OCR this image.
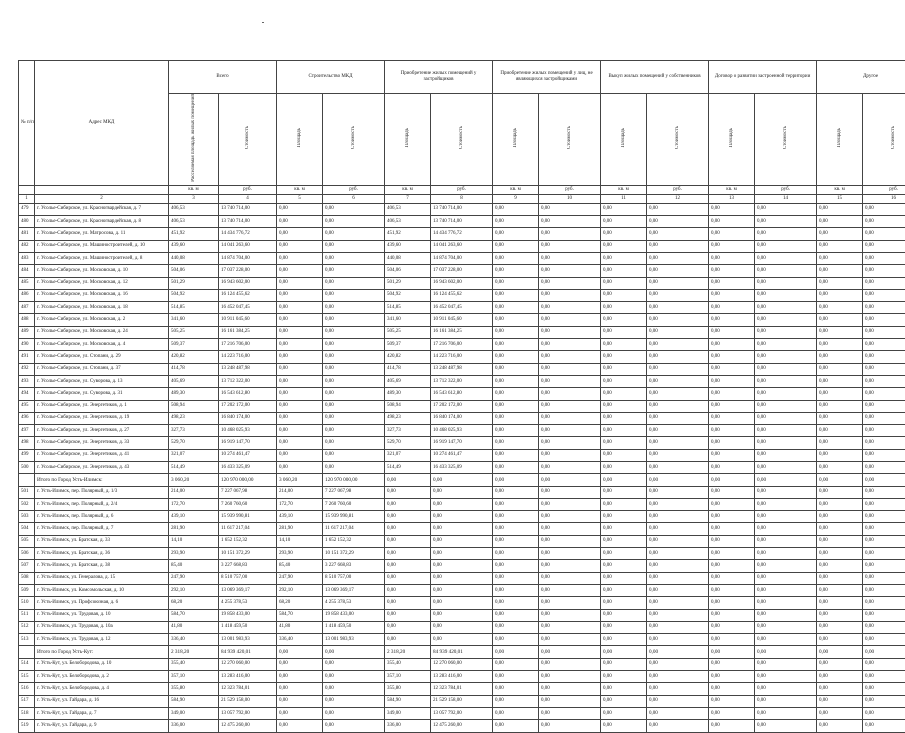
№ п/п	Адрес МКД	Всего		Строительство МКД		Приобретение жилых помещений у застройщиков		Приобретение жилых помещений у лиц, не являющихся застройщиками		Выкуп жилых помещений у собственников		Договор о развитии застроенной территории		Другое	
		Расселяемая площадь жилых помещений	Стоимость	Площадь	Стоимость	Площадь	Стоимость	Площадь	Стоимость	Площадь	Стоимость	Площадь	Стоимость	Площадь	Стоимость
		кв. м	руб.	кв. м	руб.	кв. м	руб.	кв. м	руб.	кв. м	руб.	кв. м	руб.	кв. м	руб.
1	2	3	4	5	6	7	8	9	10	11	12	13	14	15	16
479	г. Усолье-Сибирское, ул. Красногвардейская, д. 7	406,53	13 740 714,00	0,00	0,00	406,53	13 740 714,00	0,00	0,00	0,00	0,00	0,00	0,00	0,00	0,00
480	г. Усолье-Сибирское, ул. Красногвардейская, д. 8	406,53	13 740 714,00	0,00	0,00	406,53	13 740 714,00	0,00	0,00	0,00	0,00	0,00	0,00	0,00	0,00
481	г. Усолье-Сибирское, ул. Матросова, д. 11	451,92	14 434 776,72	0,00	0,00	451,92	14 434 776,72	0,00	0,00	0,00	0,00	0,00	0,00	0,00	0,00
482	г. Усолье-Сибирское, ул. Машиностроителей, д. 10	439,60	14 041 263,60	0,00	0,00	439,60	14 041 263,60	0,00	0,00	0,00	0,00	0,00	0,00	0,00	0,00
483	г. Усолье-Сибирское, ул. Машиностроителей, д. 8	440,08	14 874 704,00	0,00	0,00	440,08	14 874 704,00	0,00	0,00	0,00	0,00	0,00	0,00	0,00	0,00
484	г. Усолье-Сибирское, ул. Московская, д. 10	504,06	17 037 228,00	0,00	0,00	504,06	17 037 228,00	0,00	0,00	0,00	0,00	0,00	0,00	0,00	0,00
485	г. Усолье-Сибирское, ул. Московская, д. 12	501,29	16 943 602,00	0,00	0,00	501,29	16 943 602,00	0,00	0,00	0,00	0,00	0,00	0,00	0,00	0,00
486	г. Усолье-Сибирское, ул. Московская, д. 16	504,92	16 124 455,62	0,00	0,00	504,92	16 124 455,62	0,00	0,00	0,00	0,00	0,00	0,00	0,00	0,00
487	г. Усолье-Сибирское, ул. Московская, д. 18	514,85	16 452 047,45	0,00	0,00	514,85	16 452 047,45	0,00	0,00	0,00	0,00	0,00	0,00	0,00	0,00
488	г. Усолье-Сибирское, ул. Московская, д. 2	341,60	10 911 045,60	0,00	0,00	341,60	10 911 045,60	0,00	0,00	0,00	0,00	0,00	0,00	0,00	0,00
489	г. Усолье-Сибирское, ул. Московская, д. 24	505,25	16 161 384,25	0,00	0,00	505,25	16 161 384,25	0,00	0,00	0,00	0,00	0,00	0,00	0,00	0,00
490	г. Усолье-Сибирское, ул. Московская, д. 4	509,37	17 216 706,00	0,00	0,00	509,37	17 216 706,00	0,00	0,00	0,00	0,00	0,00	0,00	0,00	0,00
491	г. Усолье-Сибирское, ул. Стопани, д. 29	420,82	14 223 716,00	0,00	0,00	420,82	14 223 716,00	0,00	0,00	0,00	0,00	0,00	0,00	0,00	0,00
492	г. Усолье-Сибирское, ул. Стопани, д. 37	414,78	13 248 487,98	0,00	0,00	414,78	13 248 487,98	0,00	0,00	0,00	0,00	0,00	0,00	0,00	0,00
493	г. Усолье-Сибирское, ул. Суворова, д. 13	405,69	13 712 322,00	0,00	0,00	405,69	13 712 322,00	0,00	0,00	0,00	0,00	0,00	0,00	0,00	0,00
494	г. Усолье-Сибирское, ул. Суворова, д. 31	489,30	16 543 612,80	0,00	0,00	489,30	16 543 612,80	0,00	0,00	0,00	0,00	0,00	0,00	0,00	0,00
495	г. Усолье-Сибирское, ул. Энергетиков, д. 1	508,94	17 202 172,00	0,00	0,00	508,94	17 202 172,00	0,00	0,00	0,00	0,00	0,00	0,00	0,00	0,00
496	г. Усолье-Сибирское, ул. Энергетиков, д. 19	498,23	16 840 174,00	0,00	0,00	498,23	16 840 174,00	0,00	0,00	0,00	0,00	0,00	0,00	0,00	0,00
497	г. Усолье-Сибирское, ул. Энергетиков, д. 27	327,73	10 468 025,93	0,00	0,00	327,73	10 468 025,93	0,00	0,00	0,00	0,00	0,00	0,00	0,00	0,00
498	г. Усолье-Сибирское, ул. Энергетиков, д. 33	529,70	16 919 147,70	0,00	0,00	529,70	16 919 147,70	0,00	0,00	0,00	0,00	0,00	0,00	0,00	0,00
499	г. Усолье-Сибирское, ул. Энергетиков, д. 41	321,07	10 274 461,47	0,00	0,00	321,07	10 274 461,47	0,00	0,00	0,00	0,00	0,00	0,00	0,00	0,00
500	г. Усолье-Сибирское, ул. Энергетиков, д. 43	514,49	16 433 325,09	0,00	0,00	514,49	16 433 325,09	0,00	0,00	0,00	0,00	0,00	0,00	0,00	0,00
	Итого по Город Усть-Илимск:	3 060,20	120 970 000,00	3 060,20	120 970 000,00	0,00	0,00	0,00	0,00	0,00	0,00	0,00	0,00	0,00	0,00
501	г. Усть-Илимск, пер. Полярный, д. 1/3	214,00	7 227 067,98	214,00	7 227 067,98	0,00	0,00	0,00	0,00	0,00	0,00	0,00	0,00	0,00	0,00
502	г. Усть-Илимск, пер. Полярный, д. 2/4	172,70	7 260 760,60	172,70	7 260 760,60	0,00	0,00	0,00	0,00	0,00	0,00	0,00	0,00	0,00	0,00
503	г. Усть-Илимск, пер. Полярный, д. 6	439,10	15 939 990,81	439,10	15 939 990,81	0,00	0,00	0,00	0,00	0,00	0,00	0,00	0,00	0,00	0,00
504	г. Усть-Илимск, пер. Полярный, д. 7	281,90	11 617 217,04	281,90	11 617 217,04	0,00	0,00	0,00	0,00	0,00	0,00	0,00	0,00	0,00	0,00
505	г. Усть-Илимск, ул. Братская, д. 33	14,10	1 652 152,32	14,10	1 652 152,32	0,00	0,00	0,00	0,00	0,00	0,00	0,00	0,00	0,00	0,00
506	г. Усть-Илимск, ул. Братская, д. 36	293,90	10 151 372,29	293,90	10 151 372,29	0,00	0,00	0,00	0,00	0,00	0,00	0,00	0,00	0,00	0,00
507	г. Усть-Илимск, ул. Братская, д. 38	85,40	3 227 668,83	85,40	3 227 668,83	0,00	0,00	0,00	0,00	0,00	0,00	0,00	0,00	0,00	0,00
508	г. Усть-Илимск, ул. Генералова, д. 15	247,90	8 510 757,00	247,90	8 510 757,00	0,00	0,00	0,00	0,00	0,00	0,00	0,00	0,00	0,00	0,00
509	г. Усть-Илимск, ул. Комсомольская, д. 10	292,10	13 069 369,17	292,10	13 069 369,17	0,00	0,00	0,00	0,00	0,00	0,00	0,00	0,00	0,00	0,00
510	г. Усть-Илимск, ул. Профсоюзная, д. 6	68,20	4 255 378,53	68,20	4 255 378,53	0,00	0,00	0,00	0,00	0,00	0,00	0,00	0,00	0,00	0,00
511	г. Усть-Илимск, ул. Трудовая, д. 10	584,70	19 858 433,00	584,70	19 858 433,00	0,00	0,00	0,00	0,00	0,00	0,00	0,00	0,00	0,00	0,00
512	г. Усть-Илимск, ул. Трудовая, д. 10а	41,80	1 418 459,50	41,80	1 418 459,50	0,00	0,00	0,00	0,00	0,00	0,00	0,00	0,00	0,00	0,00
513	г. Усть-Илимск, ул. Трудовая, д. 12	336,40	13 001 983,93	336,40	13 001 983,93	0,00	0,00	0,00	0,00	0,00	0,00	0,00	0,00	0,00	0,00
	Итого по Город Усть-Кут:	2 318,20	84 939 420,01	0,00	0,00	2 318,20	84 939 420,01	0,00	0,00	0,00	0,00	0,00	0,00	0,00	0,00
514	г. Усть-Кут, ул. Белобородова, д. 10	355,40	12 270 060,00	0,00	0,00	355,40	12 270 060,00	0,00	0,00	0,00	0,00	0,00	0,00	0,00	0,00
515	г. Усть-Кут, ул. Белобородова, д. 2	357,10	13 283 416,00	0,00	0,00	357,10	13 283 416,00	0,00	0,00	0,00	0,00	0,00	0,00	0,00	0,00
516	г. Усть-Кут, ул. Белобородова, д. 4	355,80	12 323 784,01	0,00	0,00	355,80	12 323 784,01	0,00	0,00	0,00	0,00	0,00	0,00	0,00	0,00
517	г. Усть-Кут, ул. Гайдара, д. 16	584,90	21 529 158,00	0,00	0,00	584,90	21 529 158,00	0,00	0,00	0,00	0,00	0,00	0,00	0,00	0,00
518	г. Усть-Кут, ул. Гайдара, д. 7	349,00	13 057 792,00	0,00	0,00	349,00	13 057 792,00	0,00	0,00	0,00	0,00	0,00	0,00	0,00	0,00
519	г. Усть-Кут, ул. Гайдара, д. 9	336,00	12 475 260,00	0,00	0,00	336,00	12 475 260,00	0,00	0,00	0,00	0,00	0,00	0,00	0,00	0,00
